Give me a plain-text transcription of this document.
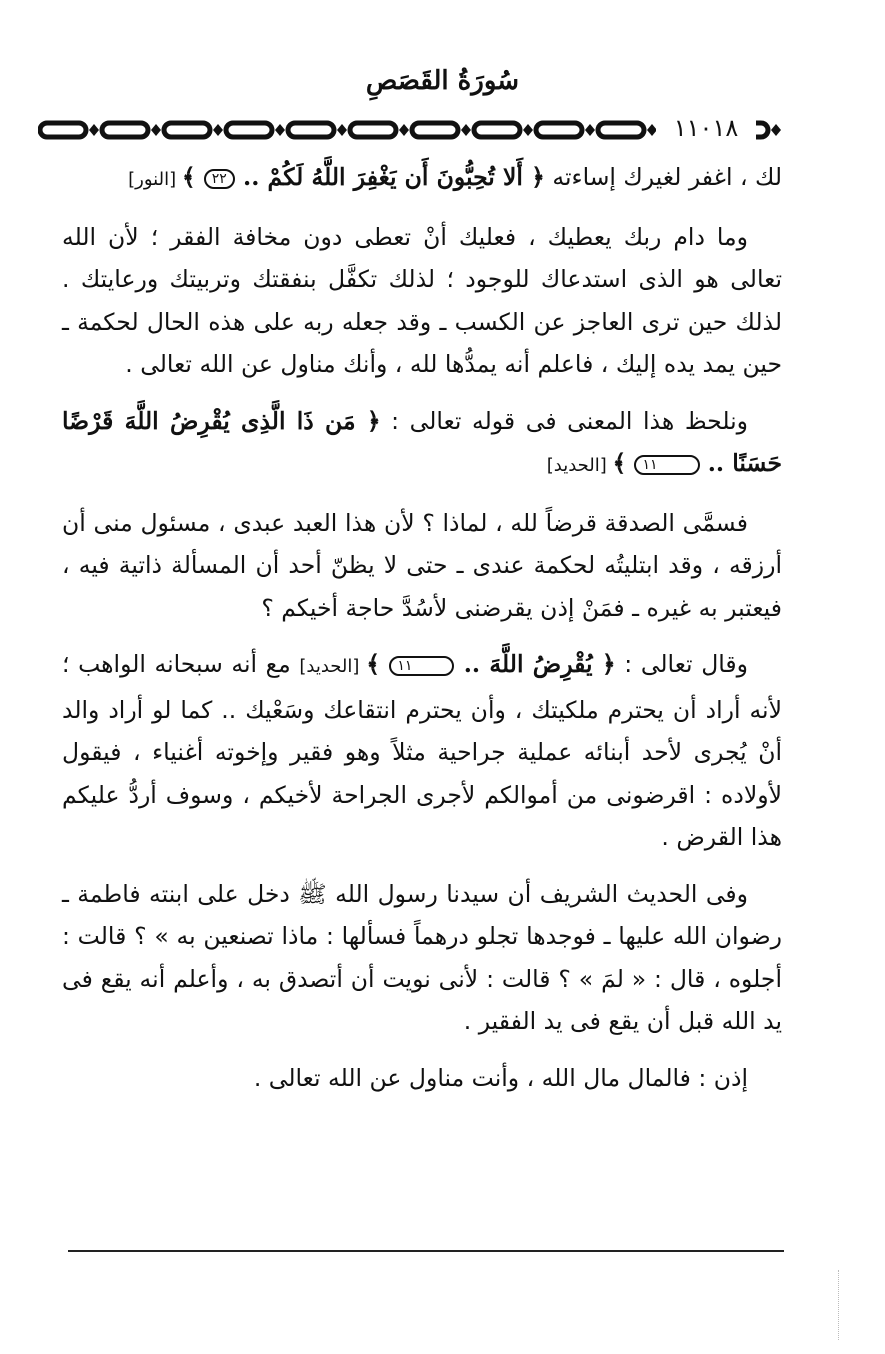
سُورَةُ القَصَصِ
١١٠١٨

لك ، اغفر لغيرك إساءته ﴿ أَلا تُحِبُّونَ أَن يَغْفِرَ اللَّهُ لَكُمْ .. ٢٢ ﴾ [النور]

وما دام ربك يعطيك ، فعليك أنْ تعطى دون مخافة الفقر ؛ لأن الله تعالى هو الذى استدعاك للوجود ؛ لذلك تكفَّل بنفقتك وتربيتك ورعايتك . لذلك حين ترى العاجز عن الكسب ـ وقد جعله ربه على هذه الحال لحكمة ـ حين يمد يده إليك ، فاعلم أنه يمدُّها لله ، وأنك مناول عن الله تعالى .

ونلحظ هذا المعنى فى قوله تعالى : ﴿ مَن ذَا الَّذِى يُقْرِضُ اللَّهَ قَرْضًا حَسَنًا .. ١١ ﴾ [الحديد]

فسمَّى الصدقة قرضاً لله ، لماذا ؟ لأن هذا العبد عبدى ، مسئول منى أن أرزقه ، وقد ابتليتُه لحكمة عندى ـ حتى لا يظنّ أحد أن المسألة ذاتية فيه ، فيعتبر به غيره ـ فمَنْ إذن يقرضنى لأسُدَّ حاجة أخيكم ؟

وقال تعالى : ﴿ يُقْرِضُ اللَّهَ .. ١١ ﴾ [الحديد] مع أنه سبحانه الواهب ؛ لأنه أراد أن يحترم ملكيتك ، وأن يحترم انتقاعك وسَعْيك .. كما لو أراد والد أنْ يُجرى لأحد أبنائه عملية جراحية مثلاً وهو فقير وإخوته أغنياء ، فيقول لأولاده : اقرضونى من أموالكم لأجرى الجراحة لأخيكم ، وسوف أردُّ عليكم هذا القرض .

وفى الحديث الشريف أن سيدنا رسول الله ﷺ دخل على ابنته فاطمة ـ رضوان الله عليها ـ فوجدها تجلو درهماً فسألها : ماذا تصنعين به » ؟ قالت : أجلوه ، قال : « لمَ » ؟ قالت : لأنى نويت أن أتصدق به ، وأعلم أنه يقع فى يد الله قبل أن يقع فى يد الفقير .

إذن : فالمال مال الله ، وأنت مناول عن الله تعالى .
